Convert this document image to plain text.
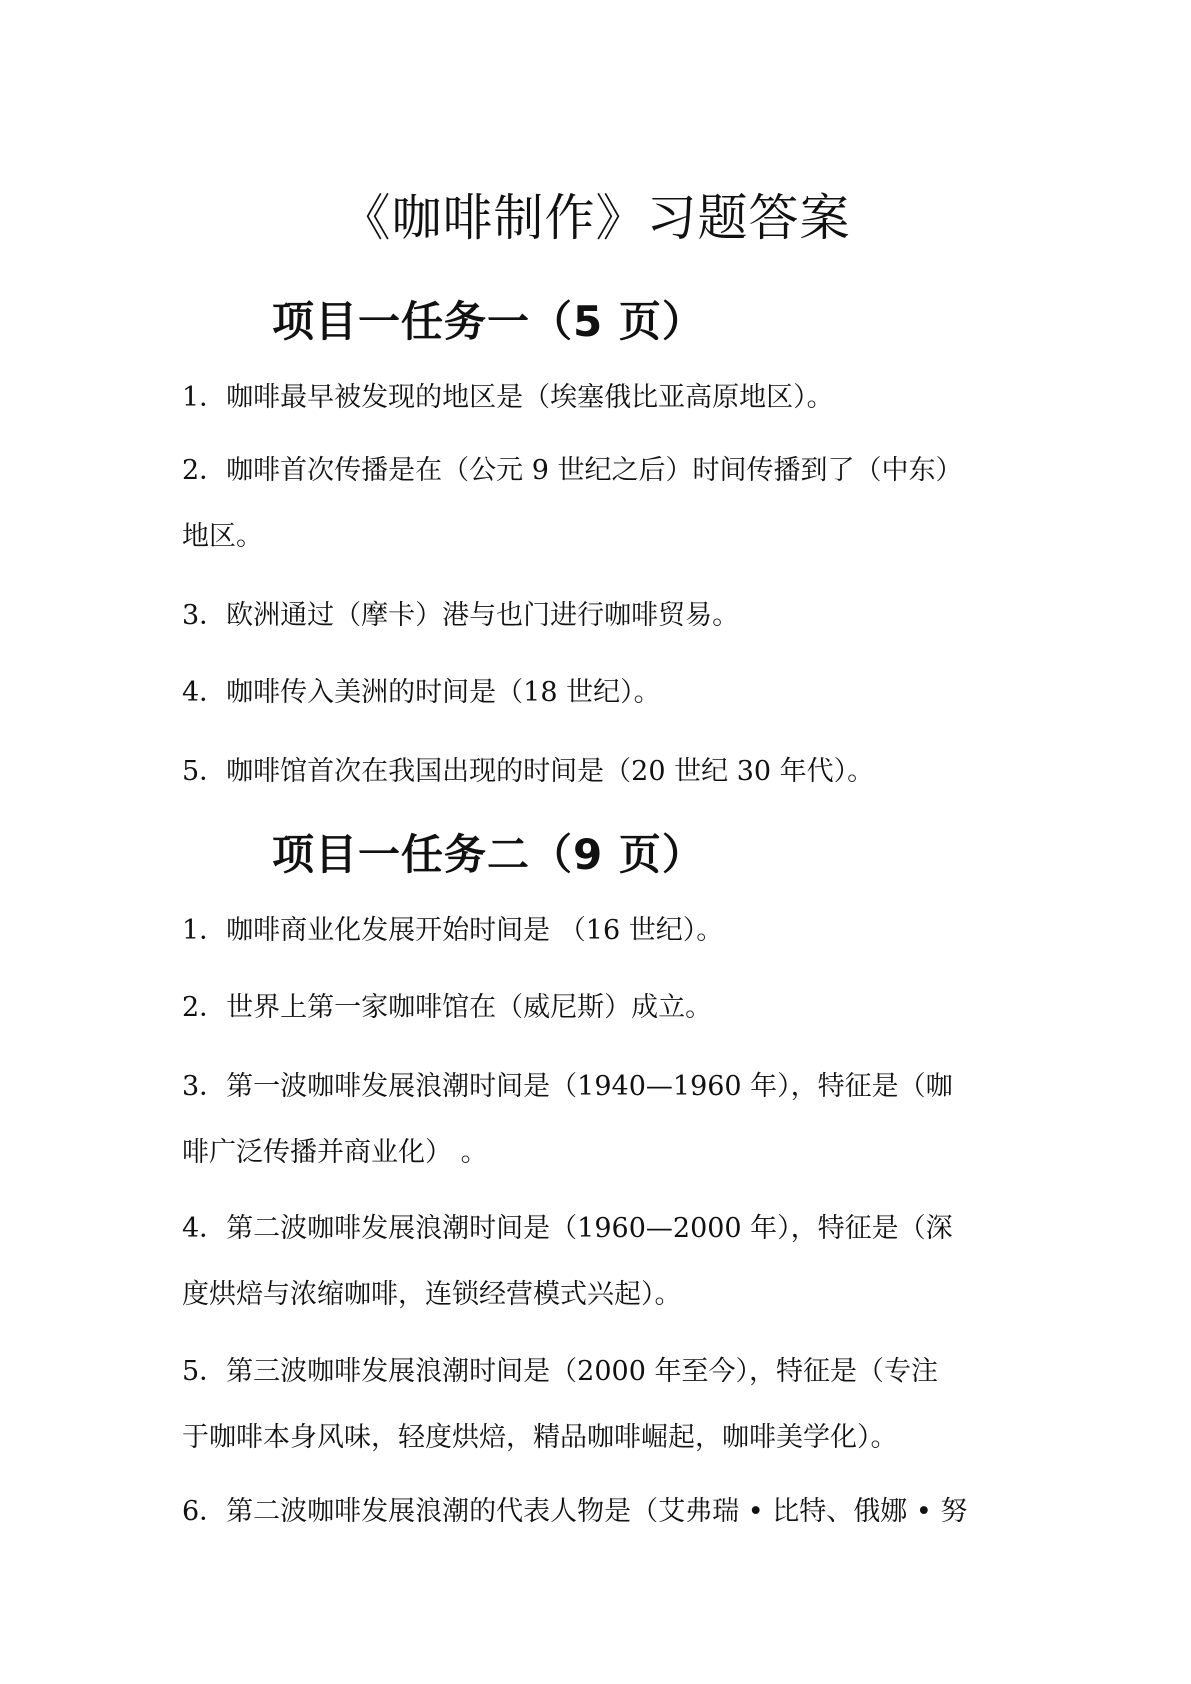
《咖啡制作》习题答案
项目一任务一（5 页）
1．咖啡最早被发现的地区是（埃塞俄比亚高原地区）。
2．咖啡首次传播是在（公元 9 世纪之后）时间传播到了（中东）
地区。
3．欧洲通过（摩卡）港与也门进行咖啡贸易。
4．咖啡传入美洲的时间是（18 世纪）。
5．咖啡馆首次在我国出现的时间是（20 世纪 30 年代）。
项目一任务二（9 页）
1．咖啡商业化发展开始时间是 （16 世纪）。
2．世界上第一家咖啡馆在（威尼斯）成立。
3．第一波咖啡发展浪潮时间是（1940—1960 年），特征是（咖
啡广泛传播并商业化） 。
4．第二波咖啡发展浪潮时间是（1960—2000 年），特征是（深
度烘焙与浓缩咖啡，连锁经营模式兴起）。
5．第三波咖啡发展浪潮时间是（2000 年至今），特征是（专注
于咖啡本身风味，轻度烘焙，精品咖啡崛起，咖啡美学化）。
6．第二波咖啡发展浪潮的代表人物是（艾弗瑞 • 比特、俄娜 • 努
